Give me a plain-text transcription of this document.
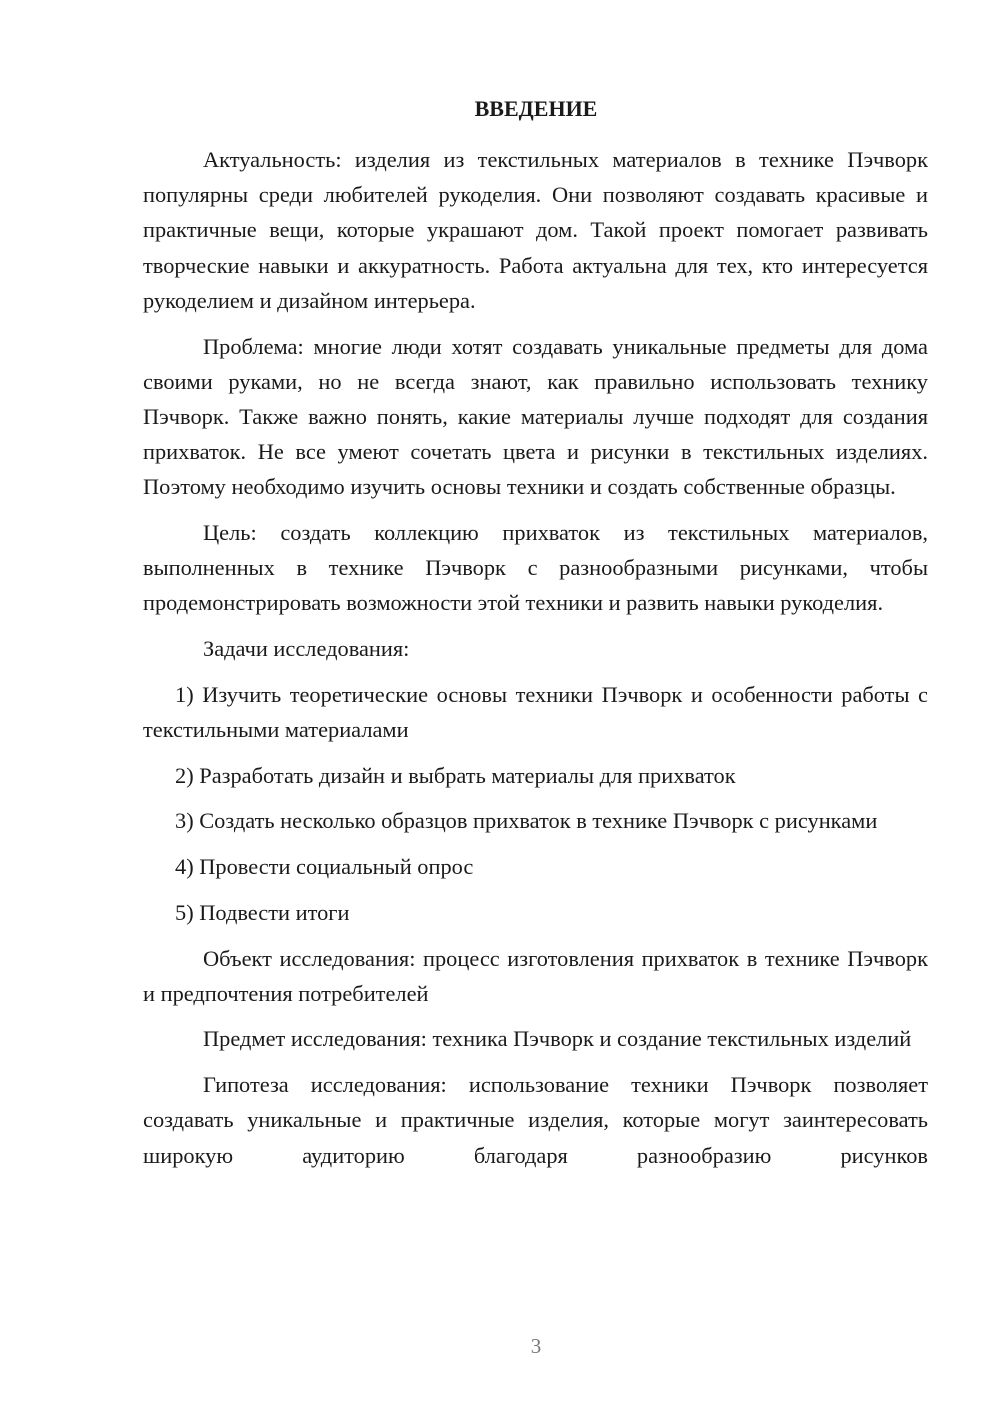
ВВЕДЕНИЕ

Актуальность: изделия из текстильных материалов в технике Пэчворк популярны среди любителей рукоделия. Они позволяют создавать красивые и практичные вещи, которые украшают дом. Такой проект помогает развивать творческие навыки и аккуратность. Работа актуальна для тех, кто интересуется рукоделием и дизайном интерьера.

Проблема: многие люди хотят создавать уникальные предметы для дома своими руками, но не всегда знают, как правильно использовать технику Пэчворк. Также важно понять, какие материалы лучше подходят для создания прихваток. Не все умеют сочетать цвета и рисунки в текстильных изделиях. Поэтому необходимо изучить основы техники и создать собственные образцы.

Цель: создать коллекцию прихваток из текстильных материалов, выполненных в технике Пэчворк с разнообразными рисунками, чтобы продемонстрировать возможности этой техники и развить навыки рукоделия.

Задачи исследования:

1) Изучить теоретические основы техники Пэчворк и особенности работы с текстильными материалами

2) Разработать дизайн и выбрать материалы для прихваток

3) Создать несколько образцов прихваток в технике Пэчворк с рисунками

4) Провести социальный опрос

5) Подвести итоги

Объект исследования: процесс изготовления прихваток в технике Пэчворк и предпочтения потребителей

Предмет исследования: техника Пэчворк и создание текстильных изделий

Гипотеза исследования: использование техники Пэчворк позволяет создавать уникальные и практичные изделия, которые могут заинтересовать широкую аудиторию благодаря разнообразию рисунков

3
